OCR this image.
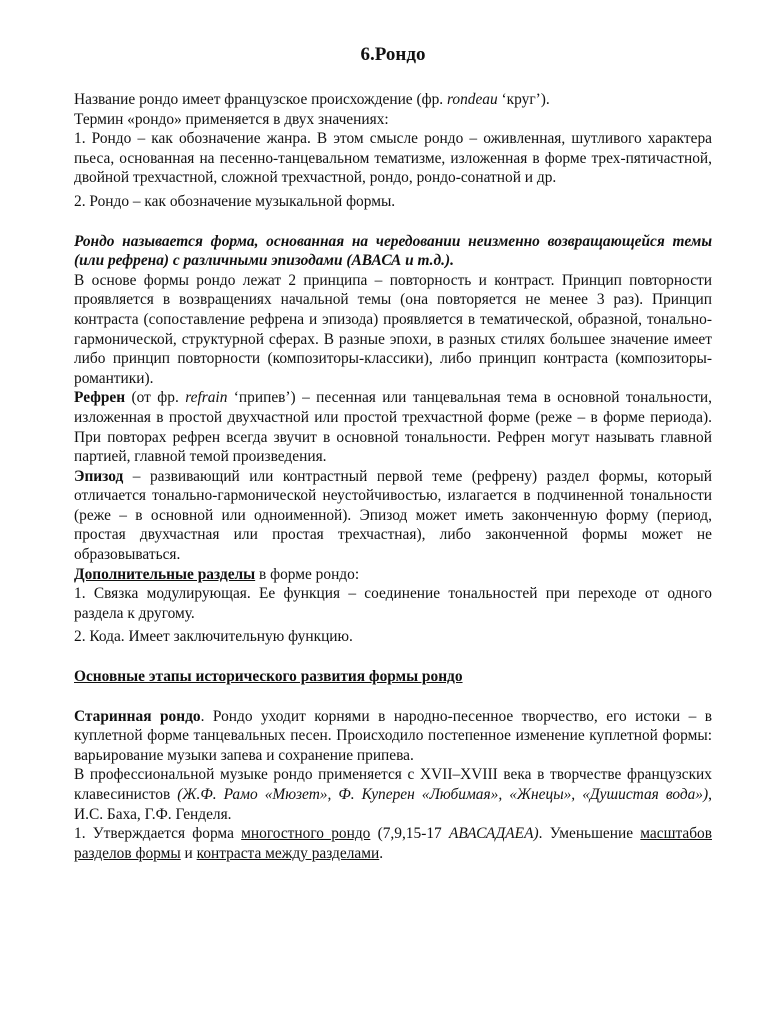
6.Рондо

Название рондо имеет французское происхождение (фр. rondeau ‘круг’).

Термин «рондо» применяется в двух значениях:

1. Рондо – как обозначение жанра. В этом смысле рондо – оживленная, шутливого характера пьеса, основанная на песенно-танцевальном тематизме, изложенная в форме трех-пятичастной, двойной трехчастной, сложной трехчастной, рондо, рондо-сонатной и др.

2. Рондо – как обозначение музыкальной формы.

Рондо называется форма, основанная на чередовании неизменно возвращающейся темы (или рефрена) с различными эпизодами (АВАСА и т.д.).

В основе формы рондо лежат 2 принципа – повторность и контраст. Принцип повторности проявляется в возвращениях начальной темы (она повторяется не менее 3 раз). Принцип контраста (сопоставление рефрена и эпизода) проявляется в тематической, образной, тонально-гармонической, структурной сферах. В разные эпохи, в разных стилях большее значение имеет либо принцип повторности (композиторы-классики), либо принцип контраста (композиторы-романтики).

Рефрен (от фр. refrain ‘припев’) – песенная или танцевальная тема в основной тональности, изложенная в простой двухчастной или простой трехчастной форме (реже – в форме периода). При повторах рефрен всегда звучит в основной тональности. Рефрен могут называть главной партией, главной темой произведения.

Эпизод – развивающий или контрастный первой теме (рефрену) раздел формы, который отличается тонально-гармонической неустойчивостью, излагается в подчиненной тональности (реже – в основной или одноименной). Эпизод может иметь законченную форму (период, простая двухчастная или простая трехчастная), либо законченной формы может не образовываться.

Дополнительные разделы в форме рондо:

1. Связка модулирующая. Ее функция – соединение тональностей при переходе от одного раздела к другому.

2. Кода. Имеет заключительную функцию.

Основные этапы исторического развития формы рондо

Старинная рондо. Рондо уходит корнями в народно-песенное творчество, его истоки – в куплетной форме танцевальных песен. Происходило постепенное изменение куплетной формы: варьирование музыки запева и сохранение припева.

В профессиональной музыке рондо применяется с XVII–XVIII века в творчестве французских клавесинистов (Ж.Ф. Рамо «Мюзет», Ф. Куперен «Любимая», «Жнецы», «Душистая вода»), И.С. Баха, Г.Ф. Генделя.

1. Утверждается форма многостного рондо (7,9,15-17 АВАСАДАЕА). Уменьшение масштабов разделов формы и контраста между разделами.
